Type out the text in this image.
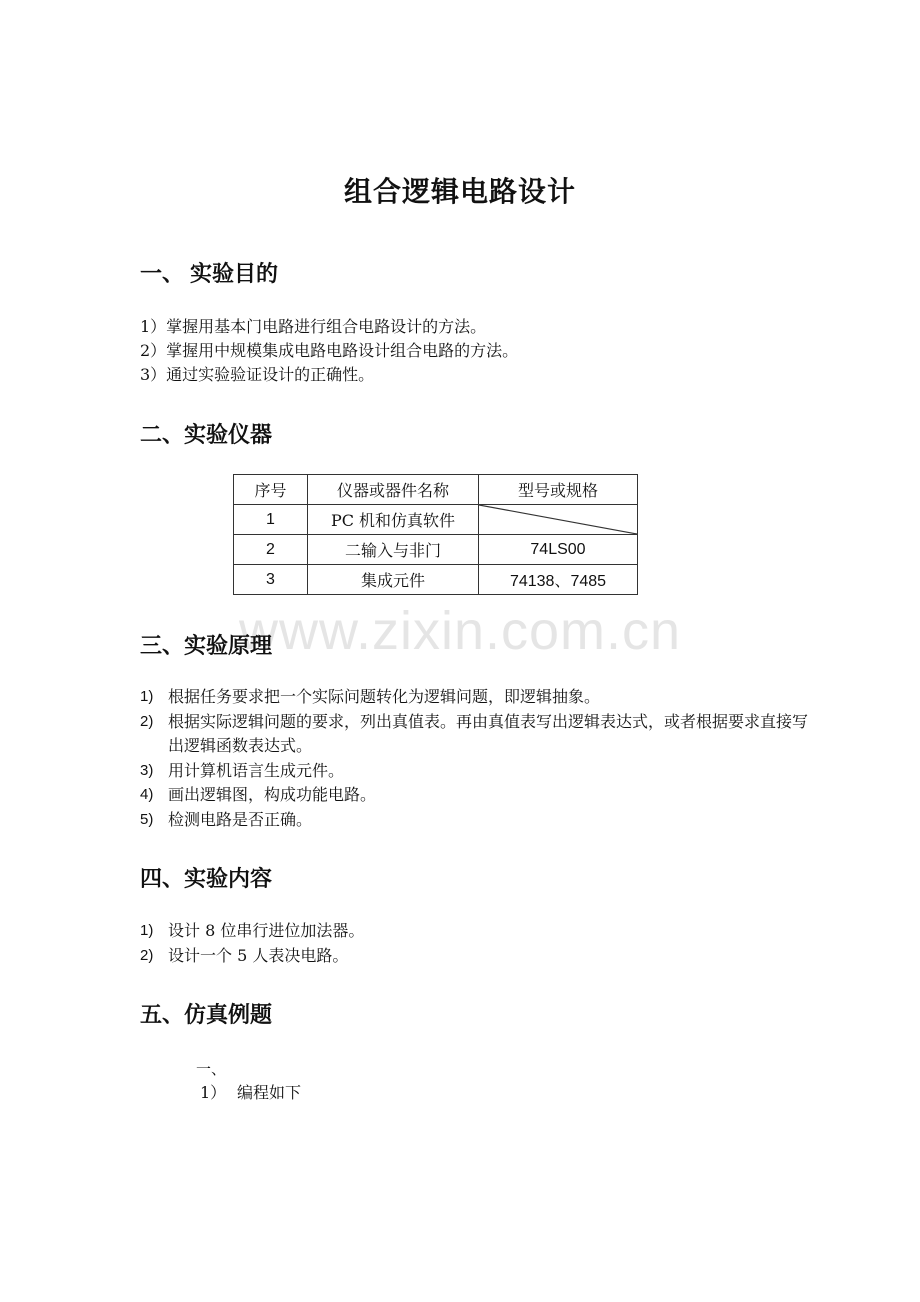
组合逻辑电路设计
一、 实验目的
1）掌握用基本门电路进行组合电路设计的方法。
2）掌握用中规模集成电路电路设计组合电路的方法。
3）通过实验验证设计的正确性。
二、实验仪器
序号	仪器或器件名称	型号或规格
1	PC 机和仿真软件	

2	二输入与非门	74LS00
3	集成元件	74138、7485
www.zixin.com.cn
三、实验原理
1) 根据任务要求把一个实际问题转化为逻辑问题，即逻辑抽象。
2) 根据实际逻辑问题的要求，列出真值表。再由真值表写出逻辑表达式，或者根据要求直接写出逻辑函数表达式。
3) 用计算机语言生成元件。
4) 画出逻辑图，构成功能电路。
5) 检测电路是否正确。
四、实验内容
1) 设计 8 位串行进位加法器。
2) 设计一个 5 人表决电路。
五、仿真例题
一、
1） 编程如下
